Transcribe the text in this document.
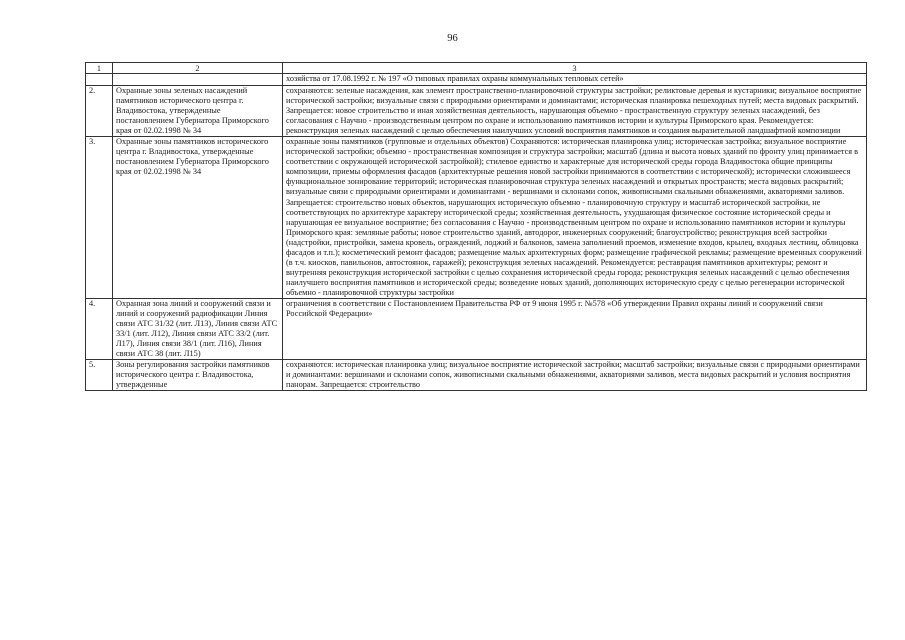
96
1	2	3
		хозяйства от 17.08.1992 г. № 197 «О типовых правилах охраны коммунальных тепловых сетей»
2.	Охранные зоны зеленых насаждений памятников исторического центра г. Владивостока, утвержденные постановлением Губернатора Приморского края от 02.02.1998 № 34	сохраняются: зеленые насаждения, как элемент пространственно-планировочной структуры застройки; реликтовые деревья и кустарники; визуальное восприятие исторической застройки; визуальные связи с природными ориентирами и доминантами; историческая планировка пешеходных путей; места видовых раскрытий. Запрещается: новое строительство и иная хозяйственная деятельность, нарушающая объемно - пространственную структуру зеленых насаждений, без согласования с Научно - производственным центром по охране и использованию памятников истории и культуры Приморского края. Рекомендуется: реконструкция зеленых насаждений с целью обеспечения наилучших условий восприятия памятников и создания выразительной ландшафтной композиции
3.	Охранные зоны памятников исторического центра г. Владивостока, утвержденные постановлением Губернатора Приморского края от 02.02.1998 № 34	охранные зоны памятников (групповые и отдельных объектов) Сохраняются: историческая планировка улиц; историческая застройка; визуальное восприятие исторической застройки; объемно - пространственная композиция и структура застройки; масштаб (длина и высота новых зданий по фронту улиц принимается в соответствии с окружающей исторической застройкой); стилевое единство и характерные для исторической среды города Владивостока общие принципы композиции, приемы оформления фасадов (архитектурные решения новой застройки принимаются в соответствии с исторической); исторически сложившееся функциональное зонирование территорий; историческая планировочная структура зеленых насаждений и открытых пространств; места видовых раскрытий; визуальные связи с природными ориентирами и доминантами - вершинами и склонами сопок, живописными скальными обнажениями, акваториями заливов. Запрещается: строительство новых объектов, нарушающих историческую объемно - планировочную структуру и масштаб исторической застройки, не соответствующих по архитектуре характеру исторической среды; хозяйственная деятельность, ухудшающая физическое состояние исторической среды и нарушающая ее визуальное восприятие; без согласования с Научно - производственным центром по охране и использованию памятников истории и культуры Приморского края: земляные работы; новое строительство зданий, автодорог, инженерных сооружений; благоустройство; реконструкция всей застройки (надстройки, пристройки, замена кровель, ограждений, лоджий и балконов, замена заполнений проемов, изменение входов, крылец, входных лестниц, облицовка фасадов и т.п.); косметический ремонт фасадов; размещение малых архитектурных форм; размещение графической рекламы; размещение временных сооружений (в т.ч. киосков, павильонов, автостоянок, гаражей); реконструкция зеленых насаждений. Рекомендуется: реставрация памятников архитектуры; ремонт и внутренняя реконструкция исторической застройки с целью сохранения исторической среды города; реконструкция зеленых насаждений с целью обеспечения наилучшего восприятия памятников и исторической среды; возведение новых зданий, дополняющих историческую среду с целью регенерации исторической объемно - планировочной структуры застройки
4.	Охранная зона линий и сооружений связи и линий и сооружений радиофикации Линия связи АТС 31/32 (лит. Л13), Линия связи АТС 33/1 (лит. Л12), Линия связи АТС 33/2 (лит. Л17), Линия связи 38/1 (лит. Л16), Линия связи АТС 38 (лит. Л15)	ограничения в соответствии с Постановлением Правительства РФ от 9 июня 1995 г. №578 «Об утверждении Правил охраны линий и сооружений связи Российской Федерации»
5.	Зоны регулирования застройки памятников исторического центра г. Владивостока, утвержденные	сохраняются: историческая планировка улиц; визуальное восприятие исторической застройки; масштаб застройки; визуальные связи с природными ориентирами и доминантами: вершинами и склонами сопок, живописными скальными обнажениями, акваториями заливов, места видовых раскрытий и условия восприятия панорам. Запрещается: строительство
